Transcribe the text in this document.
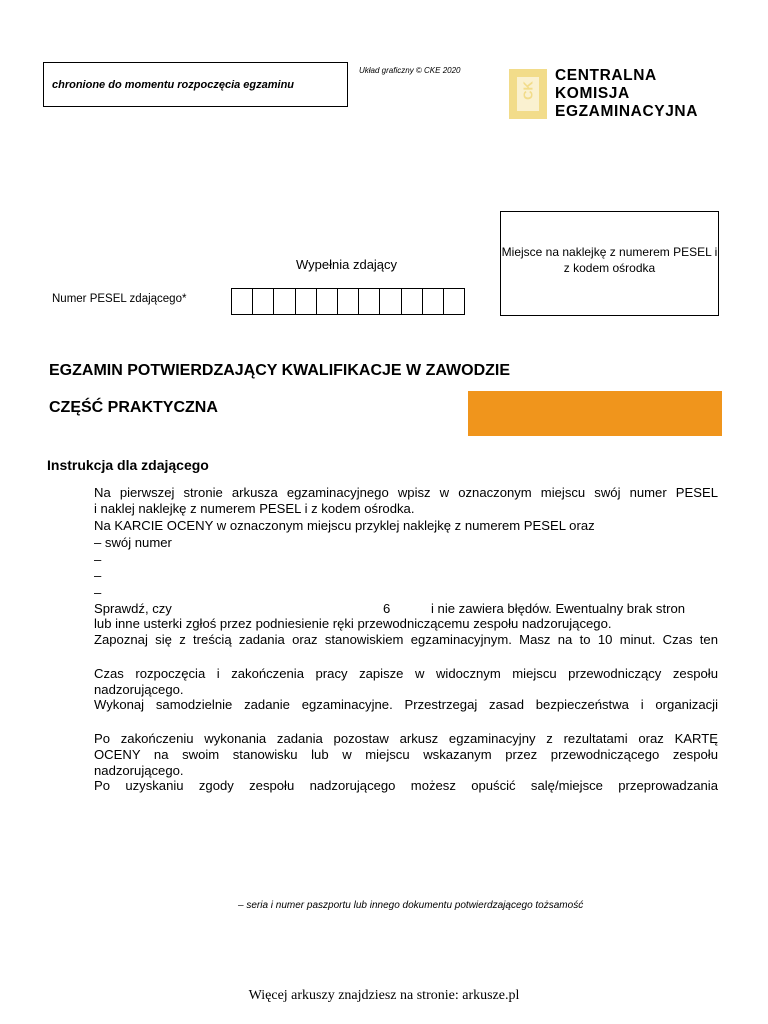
chronione do momentu rozpoczęcia egzaminu
Układ graficzny © CKE 2020
CK
CENTRALNA
KOMISJA
EGZAMINACYJNA
Miejsce na naklejkę z numerem PESEL i z kodem ośrodka
Wypełnia zdający
Numer PESEL zdającego*
EGZAMIN POTWIERDZAJĄCY KWALIFIKACJE W ZAWODZIE
CZĘŚĆ PRAKTYCZNA
Instrukcja dla zdającego
Na pierwszej stronie arkusza egzaminacyjnego wpisz w oznaczonym miejscu swój numer PESEL
i naklej naklejkę z numerem PESEL i z kodem ośrodka.
Na KARCIE OCENY w oznaczonym miejscu przyklej naklejkę z numerem PESEL oraz
– swój numer
–
–
–
Sprawdź, czy	6	i nie zawiera błędów. Ewentualny brak stron
lub inne usterki zgłoś przez podniesienie ręki przewodniczącemu zespołu nadzorującego.
Zapoznaj się z treścią zadania oraz stanowiskiem egzaminacyjnym. Masz na to 10 minut. Czas ten
Czas rozpoczęcia i zakończenia pracy zapisze w widocznym miejscu przewodniczący zespołu
nadzorującego.
Wykonaj samodzielnie zadanie egzaminacyjne. Przestrzegaj zasad bezpieczeństwa i organizacji
Po zakończeniu wykonania zadania pozostaw arkusz egzaminacyjny z rezultatami oraz KARTĘ
OCENY na swoim stanowisku lub w miejscu wskazanym przez przewodniczącego zespołu
nadzorującego.
Po uzyskaniu zgody zespołu nadzorującego możesz opuścić salę/miejsce przeprowadzania
– seria i numer paszportu lub innego dokumentu potwierdzającego tożsamość
Więcej arkuszy znajdziesz na stronie: arkusze.pl
